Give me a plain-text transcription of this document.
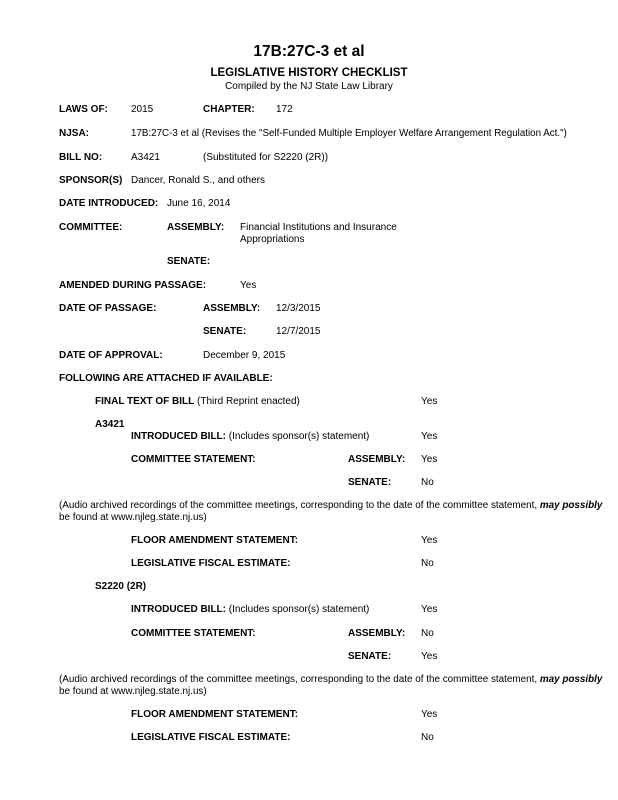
17B:27C-3 et al
LEGISLATIVE HISTORY CHECKLIST
Compiled by the NJ State Law Library
LAWS OF: 2015	CHAPTER: 172
NJSA:	17B:27C-3 et al (Revises the "Self-Funded Multiple Employer Welfare Arrangement Regulation Act.")
BILL NO:	A3421	(Substituted for S2220 (2R))
SPONSOR(S) Dancer, Ronald S., and others
DATE INTRODUCED: June 16, 2014
COMMITTEE:	ASSEMBLY: Financial Institutions and Insurance
Appropriations
SENATE:
AMENDED DURING PASSAGE:	Yes
DATE OF PASSAGE:	ASSEMBLY: 12/3/2015
SENATE:	12/7/2015
DATE OF APPROVAL:	December 9, 2015
FOLLOWING ARE ATTACHED IF AVAILABLE:
FINAL TEXT OF BILL (Third Reprint enacted)	Yes
A3421
INTRODUCED BILL: (Includes sponsor(s) statement)	Yes
COMMITTEE STATEMENT:	ASSEMBLY: Yes
SENATE:	No
(Audio archived recordings of the committee meetings, corresponding to the date of the committee statement, may possibly
be found at www.njleg.state.nj.us)
FLOOR AMENDMENT STATEMENT:	Yes
LEGISLATIVE FISCAL ESTIMATE:	No
S2220 (2R)
INTRODUCED BILL: (Includes sponsor(s) statement)	Yes
COMMITTEE STATEMENT:	ASSEMBLY: No
SENATE:	Yes
(Audio archived recordings of the committee meetings, corresponding to the date of the committee statement, may possibly
be found at www.njleg.state.nj.us)
FLOOR AMENDMENT STATEMENT:	Yes
LEGISLATIVE FISCAL ESTIMATE:	No
